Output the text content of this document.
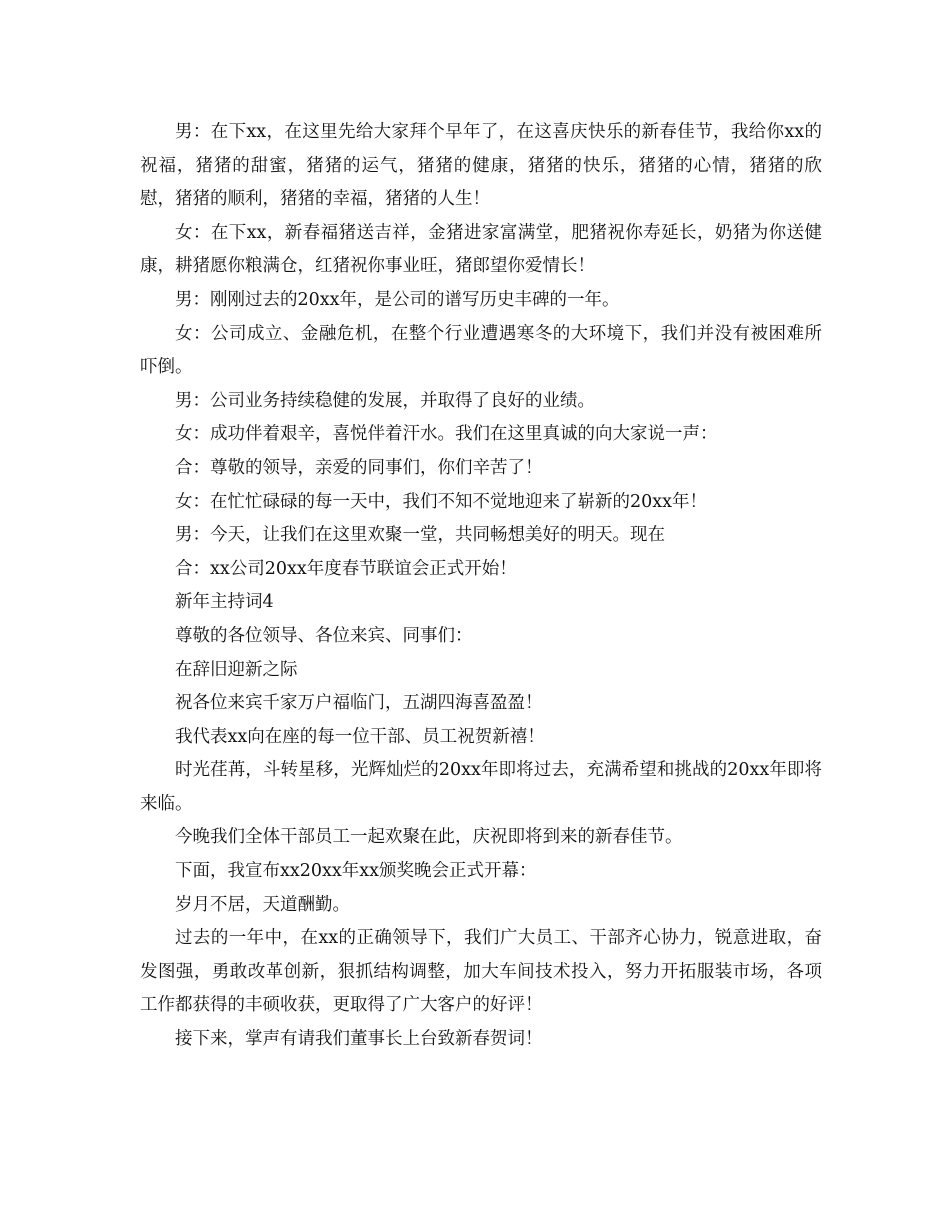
男：在下xx，在这里先给大家拜个早年了，在这喜庆快乐的新春佳节，我给你xx的祝福，猪猪的甜蜜，猪猪的运气，猪猪的健康，猪猪的快乐，猪猪的心情，猪猪的欣慰，猪猪的顺利，猪猪的幸福，猪猪的人生！

女：在下xx，新春福猪送吉祥，金猪进家富满堂，肥猪祝你寿延长，奶猪为你送健康，耕猪愿你粮满仓，红猪祝你事业旺，猪郎望你爱情长！

男：刚刚过去的20xx年，是公司的谱写历史丰碑的一年。

女：公司成立、金融危机，在整个行业遭遇寒冬的大环境下，我们并没有被困难所吓倒。

男：公司业务持续稳健的发展，并取得了良好的业绩。

女：成功伴着艰辛，喜悦伴着汗水。我们在这里真诚的向大家说一声：

合：尊敬的领导，亲爱的同事们，你们辛苦了！

女：在忙忙碌碌的每一天中，我们不知不觉地迎来了崭新的20xx年！

男：今天，让我们在这里欢聚一堂，共同畅想美好的明天。现在

合：xx公司20xx年度春节联谊会正式开始！

新年主持词4

尊敬的各位领导、各位来宾、同事们：

在辞旧迎新之际

祝各位来宾千家万户福临门，五湖四海喜盈盈！

我代表xx向在座的每一位干部、员工祝贺新禧！

时光荏苒，斗转星移，光辉灿烂的20xx年即将过去，充满希望和挑战的20xx年即将来临。

今晚我们全体干部员工一起欢聚在此，庆祝即将到来的新春佳节。

下面，我宣布xx20xx年xx颁奖晚会正式开幕：

岁月不居，天道酬勤。

过去的一年中，在xx的正确领导下，我们广大员工、干部齐心协力，锐意进取，奋发图强，勇敢改革创新，狠抓结构调整，加大车间技术投入，努力开拓服装市场，各项工作都获得的丰硕收获，更取得了广大客户的好评！

接下来，掌声有请我们董事长上台致新春贺词！
